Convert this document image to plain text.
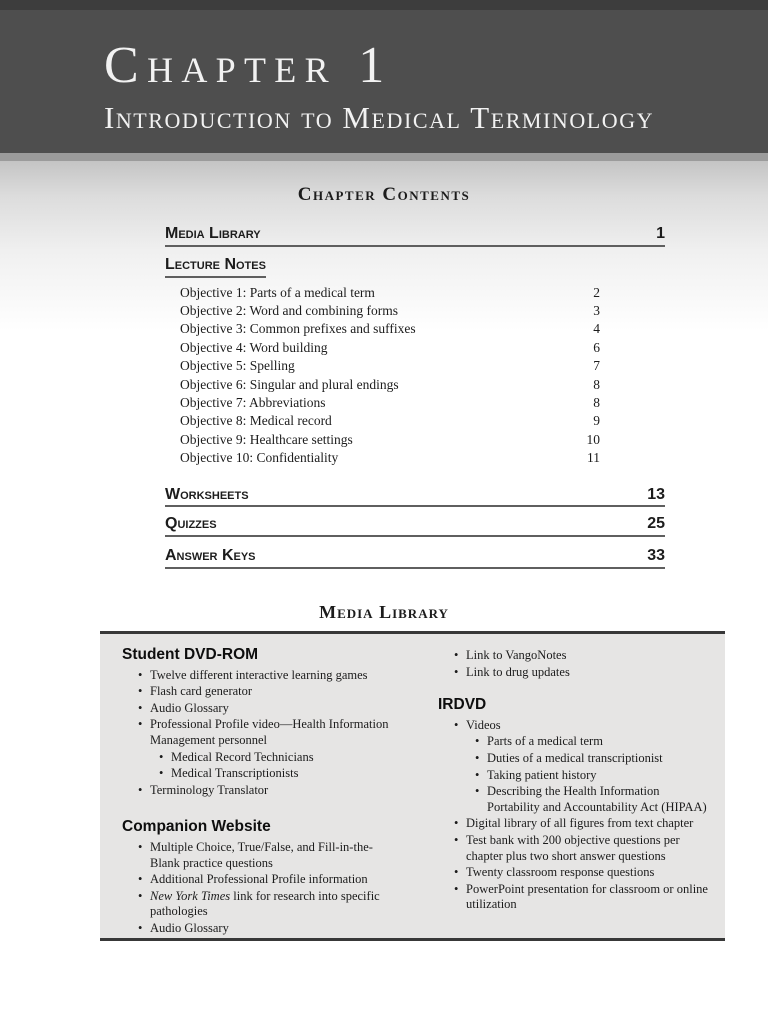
Chapter 1
Introduction to Medical Terminology
Chapter Contents
Media Library	1
Lecture Notes
Objective 1: Parts of a medical term	2
Objective 2: Word and combining forms	3
Objective 3: Common prefixes and suffixes	4
Objective 4: Word building	6
Objective 5: Spelling	7
Objective 6: Singular and plural endings	8
Objective 7: Abbreviations	8
Objective 8: Medical record	9
Objective 9: Healthcare settings	10
Objective 10: Confidentiality	11
Worksheets	13
Quizzes	25
Answer Keys	33
Media Library
Student DVD-ROM
• Twelve different interactive learning games
• Flash card generator
• Audio Glossary
• Professional Profile video—Health Information Management personnel
• Medical Record Technicians
• Medical Transcriptionists
• Terminology Translator
Companion Website
• Multiple Choice, True/False, and Fill-in-the-Blank practice questions
• Additional Professional Profile information
• New York Times link for research into specific pathologies
• Audio Glossary
• Link to VangoNotes
• Link to drug updates
IRDVD
• Videos
• Parts of a medical term
• Duties of a medical transcriptionist
• Taking patient history
• Describing the Health Information Portability and Accountability Act (HIPAA)
• Digital library of all figures from text chapter
• Test bank with 200 objective questions per chapter plus two short answer questions
• Twenty classroom response questions
• PowerPoint presentation for classroom or online utilization
